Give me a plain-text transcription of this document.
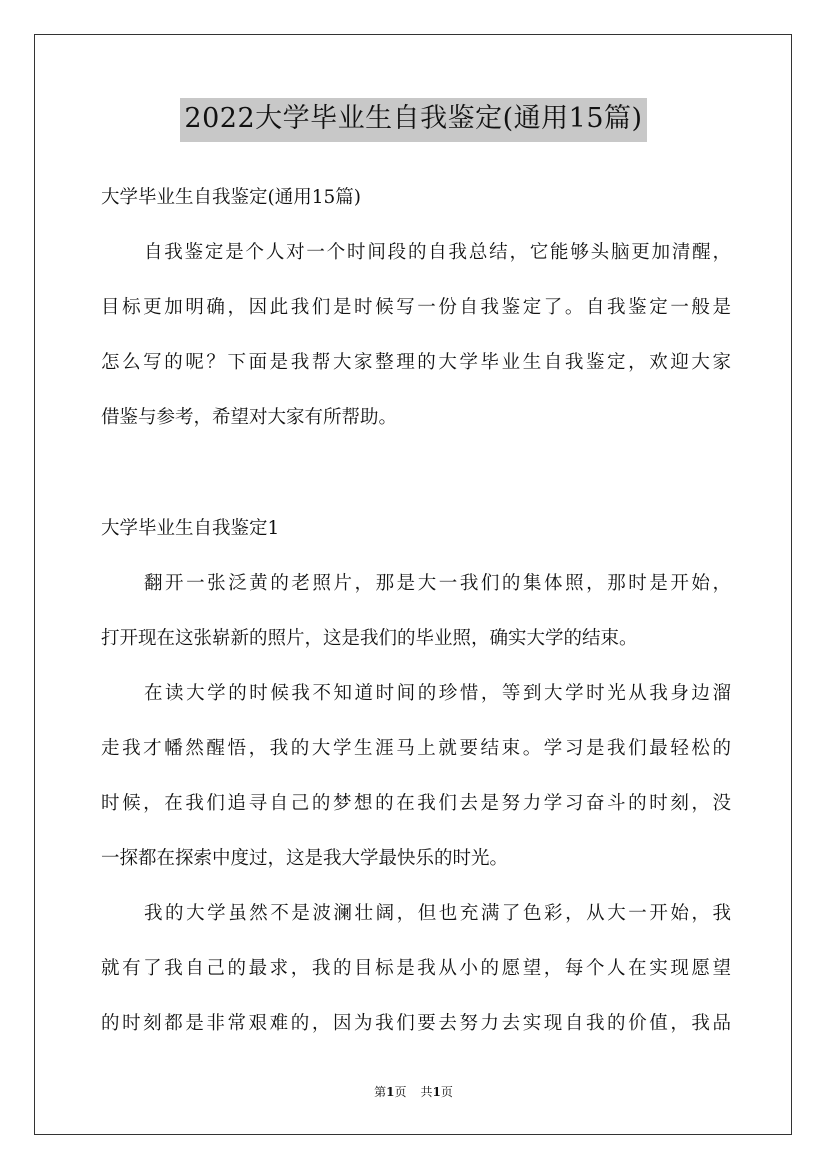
2022大学毕业生自我鉴定(通用15篇)
大学毕业生自我鉴定(通用15篇)
自我鉴定是个人对一个时间段的自我总结，它能够头脑更加清醒，
目标更加明确，因此我们是时候写一份自我鉴定了。自我鉴定一般是
怎么写的呢？下面是我帮大家整理的大学毕业生自我鉴定，欢迎大家
借鉴与参考，希望对大家有所帮助。
大学毕业生自我鉴定1
翻开一张泛黄的老照片，那是大一我们的集体照，那时是开始，
打开现在这张崭新的照片，这是我们的毕业照，确实大学的结束。
在读大学的时候我不知道时间的珍惜，等到大学时光从我身边溜
走我才幡然醒悟，我的大学生涯马上就要结束。学习是我们最轻松的
时候，在我们追寻自己的梦想的在我们去是努力学习奋斗的时刻，没
一探都在探索中度过，这是我大学最快乐的时光。
我的大学虽然不是波澜壮阔，但也充满了色彩，从大一开始，我
就有了我自己的最求，我的目标是我从小的愿望，每个人在实现愿望
的时刻都是非常艰难的，因为我们要去努力去实现自我的价值，我品
第1页 共1页
